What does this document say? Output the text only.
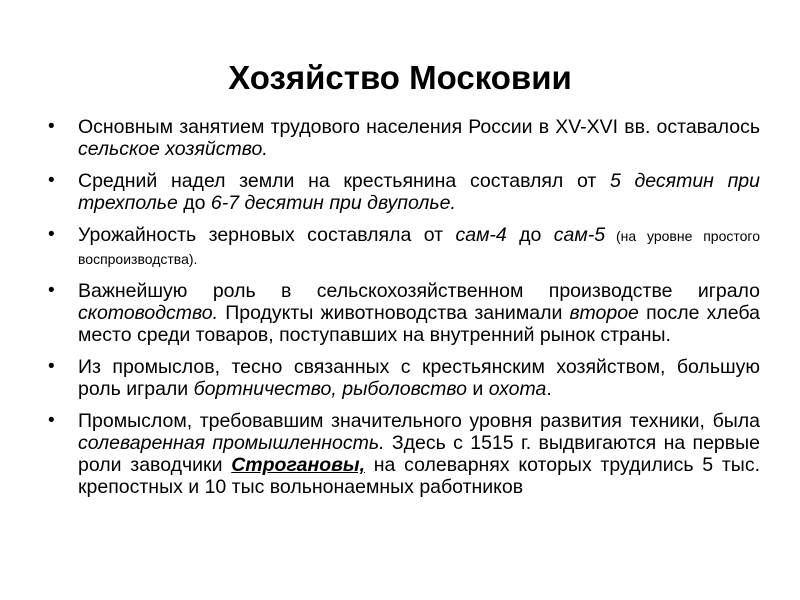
Хозяйство Московии
• Основным занятием трудового населения России в XV-XVI вв. оставалось сельское хозяйство.
• Средний надел земли на крестьянина составлял от 5 десятин при трехполье до 6-7 десятин при двуполье.
• Урожайность зерновых составляла от сам-4 до сам-5 (на уровне простого воспроизводства).
• Важнейшую роль в сельскохозяйственном производстве играло скотоводство. Продукты животноводства занимали второе после хлеба место среди товаров, поступавших на внутренний рынок страны.
• Из промыслов, тесно связанных с крестьянским хозяйством, большую роль играли бортничество, рыболовство и охота.
• Промыслом, требовавшим значительного уровня развития техники, была солеваренная промышленность. Здесь с 1515 г. выдвигаются на первые роли заводчики Строгановы, на солеварнях которых трудились 5 тыс. крепостных и 10 тыс вольнонаемных работников
